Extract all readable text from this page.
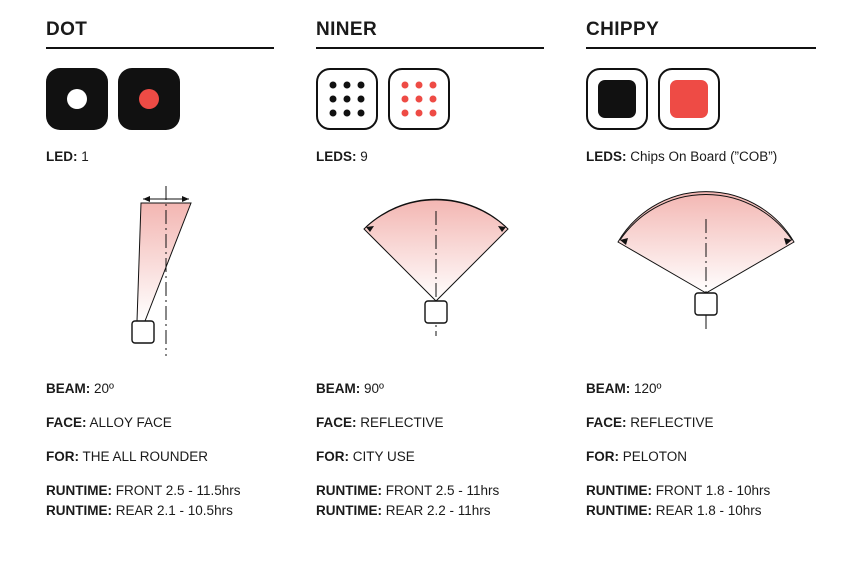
DOT
LED: 1
BEAM: 20º
FACE: ALLOY FACE
FOR: THE ALL ROUNDER
RUNTIME: FRONT 2.5 - 11.5hrs
RUNTIME: REAR 2.1 - 10.5hrs
NINER
LEDS: 9
BEAM: 90º
FACE: REFLECTIVE
FOR: CITY USE
RUNTIME: FRONT 2.5 - 11hrs
RUNTIME: REAR 2.2 - 11hrs
CHIPPY
LEDS: Chips On Board (”COB”)
BEAM: 120º
FACE: REFLECTIVE
FOR: PELOTON
RUNTIME: FRONT 1.8 - 10hrs
RUNTIME: REAR 1.8 - 10hrs
